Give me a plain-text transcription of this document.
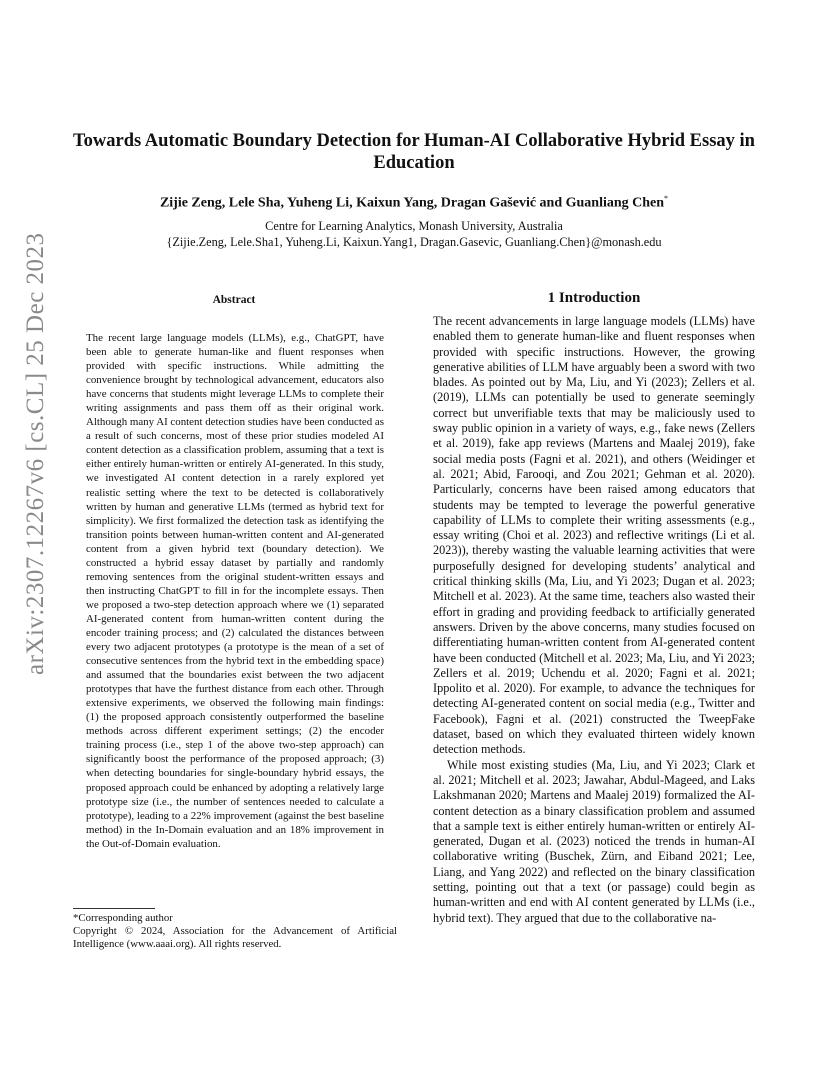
Towards Automatic Boundary Detection for Human-AI Collaborative Hybrid Essay in Education
Zijie Zeng, Lele Sha, Yuheng Li, Kaixun Yang, Dragan Gašević and Guanliang Chen*
Centre for Learning Analytics, Monash University, Australia
{Zijie.Zeng, Lele.Sha1, Yuheng.Li, Kaixun.Yang1, Dragan.Gasevic, Guanliang.Chen}@monash.edu
arXiv:2307.12267v6 [cs.CL] 25 Dec 2023	Abstract
The recent large language models (LLMs), e.g., ChatGPT, have been able to generate human-like and fluent responses when provided with specific instructions. While admitting the convenience brought by technological advancement, educators also have concerns that students might leverage LLMs to complete their writing assignments and pass them off as their original work. Although many AI content detection studies have been conducted as a result of such concerns, most of these prior studies modeled AI content detection as a classification problem, assuming that a text is either entirely human-written or entirely AI-generated. In this study, we investigated AI content detection in a rarely explored yet realistic setting where the text to be detected is collaboratively written by human and generative LLMs (termed as hybrid text for simplicity). We first formalized the detection task as identifying the transition points between human-written content and AI-generated content from a given hybrid text (boundary detection). We constructed a hybrid essay dataset by partially and randomly removing sentences from the original student-written essays and then instructing ChatGPT to fill in for the incomplete essays. Then we proposed a two-step detection approach where we (1) separated AI-generated content from human-written content during the encoder training process; and (2) calculated the distances between every two adjacent prototypes (a prototype is the mean of a set of consecutive sentences from the hybrid text in the embedding space) and assumed that the boundaries exist between the two adjacent prototypes that have the furthest distance from each other. Through extensive experiments, we observed the following main findings: (1) the proposed approach consistently outperformed the baseline methods across different experiment settings; (2) the encoder training process (i.e., step 1 of the above two-step approach) can significantly boost the performance of the proposed approach; (3) when detecting boundaries for single-boundary hybrid essays, the proposed approach could be enhanced by adopting a relatively large prototype size (i.e., the number of sentences needed to calculate a prototype), leading to a 22% improvement (against the best baseline method) in the In-Domain evaluation and an 18% improvement in the Out-of-Domain evaluation.
*Corresponding author
Copyright © 2024, Association for the Advancement of Artificial Intelligence (www.aaai.org). All rights reserved.
1 Introduction

The recent advancements in large language models (LLMs) have enabled them to generate human-like and fluent responses when provided with specific instructions. However, the growing generative abilities of LLM have arguably been a sword with two blades. As pointed out by Ma, Liu, and Yi (2023); Zellers et al. (2019), LLMs can potentially be used to generate seemingly correct but unverifiable texts that may be maliciously used to sway public opinion in a variety of ways, e.g., fake news (Zellers et al. 2019), fake app reviews (Martens and Maalej 2019), fake social media posts (Fagni et al. 2021), and others (Weidinger et al. 2021; Abid, Farooqi, and Zou 2021; Gehman et al. 2020). Particularly, concerns have been raised among educators that students may be tempted to leverage the powerful generative capability of LLMs to complete their writing assessments (e.g., essay writing (Choi et al. 2023) and reflective writings (Li et al. 2023)), thereby wasting the valuable learning activities that were purposefully designed for developing students’ analytical and critical thinking skills (Ma, Liu, and Yi 2023; Dugan et al. 2023; Mitchell et al. 2023). At the same time, teachers also wasted their effort in grading and providing feedback to artificially generated answers. Driven by the above concerns, many studies focused on differentiating human-written content from AI-generated content have been conducted (Mitchell et al. 2023; Ma, Liu, and Yi 2023; Zellers et al. 2019; Uchendu et al. 2020; Fagni et al. 2021; Ippolito et al. 2020). For example, to advance the techniques for detecting AI-generated content on social media (e.g., Twitter and Facebook), Fagni et al. (2021) constructed the TweepFake dataset, based on which they evaluated thirteen widely known detection methods.

While most existing studies (Ma, Liu, and Yi 2023; Clark et al. 2021; Mitchell et al. 2023; Jawahar, Abdul-Mageed, and Laks Lakshmanan 2020; Martens and Maalej 2019) formalized the AI-content detection as a binary classification problem and assumed that a sample text is either entirely human-written or entirely AI-generated, Dugan et al. (2023) noticed the trends in human-AI collaborative writing (Buschek, Zürn, and Eiband 2021; Lee, Liang, and Yang 2022) and reflected on the binary classification setting, pointing out that a text (or passage) could begin as human-written and end with AI content generated by LLMs (i.e., hybrid text). They argued that due to the collaborative na-
